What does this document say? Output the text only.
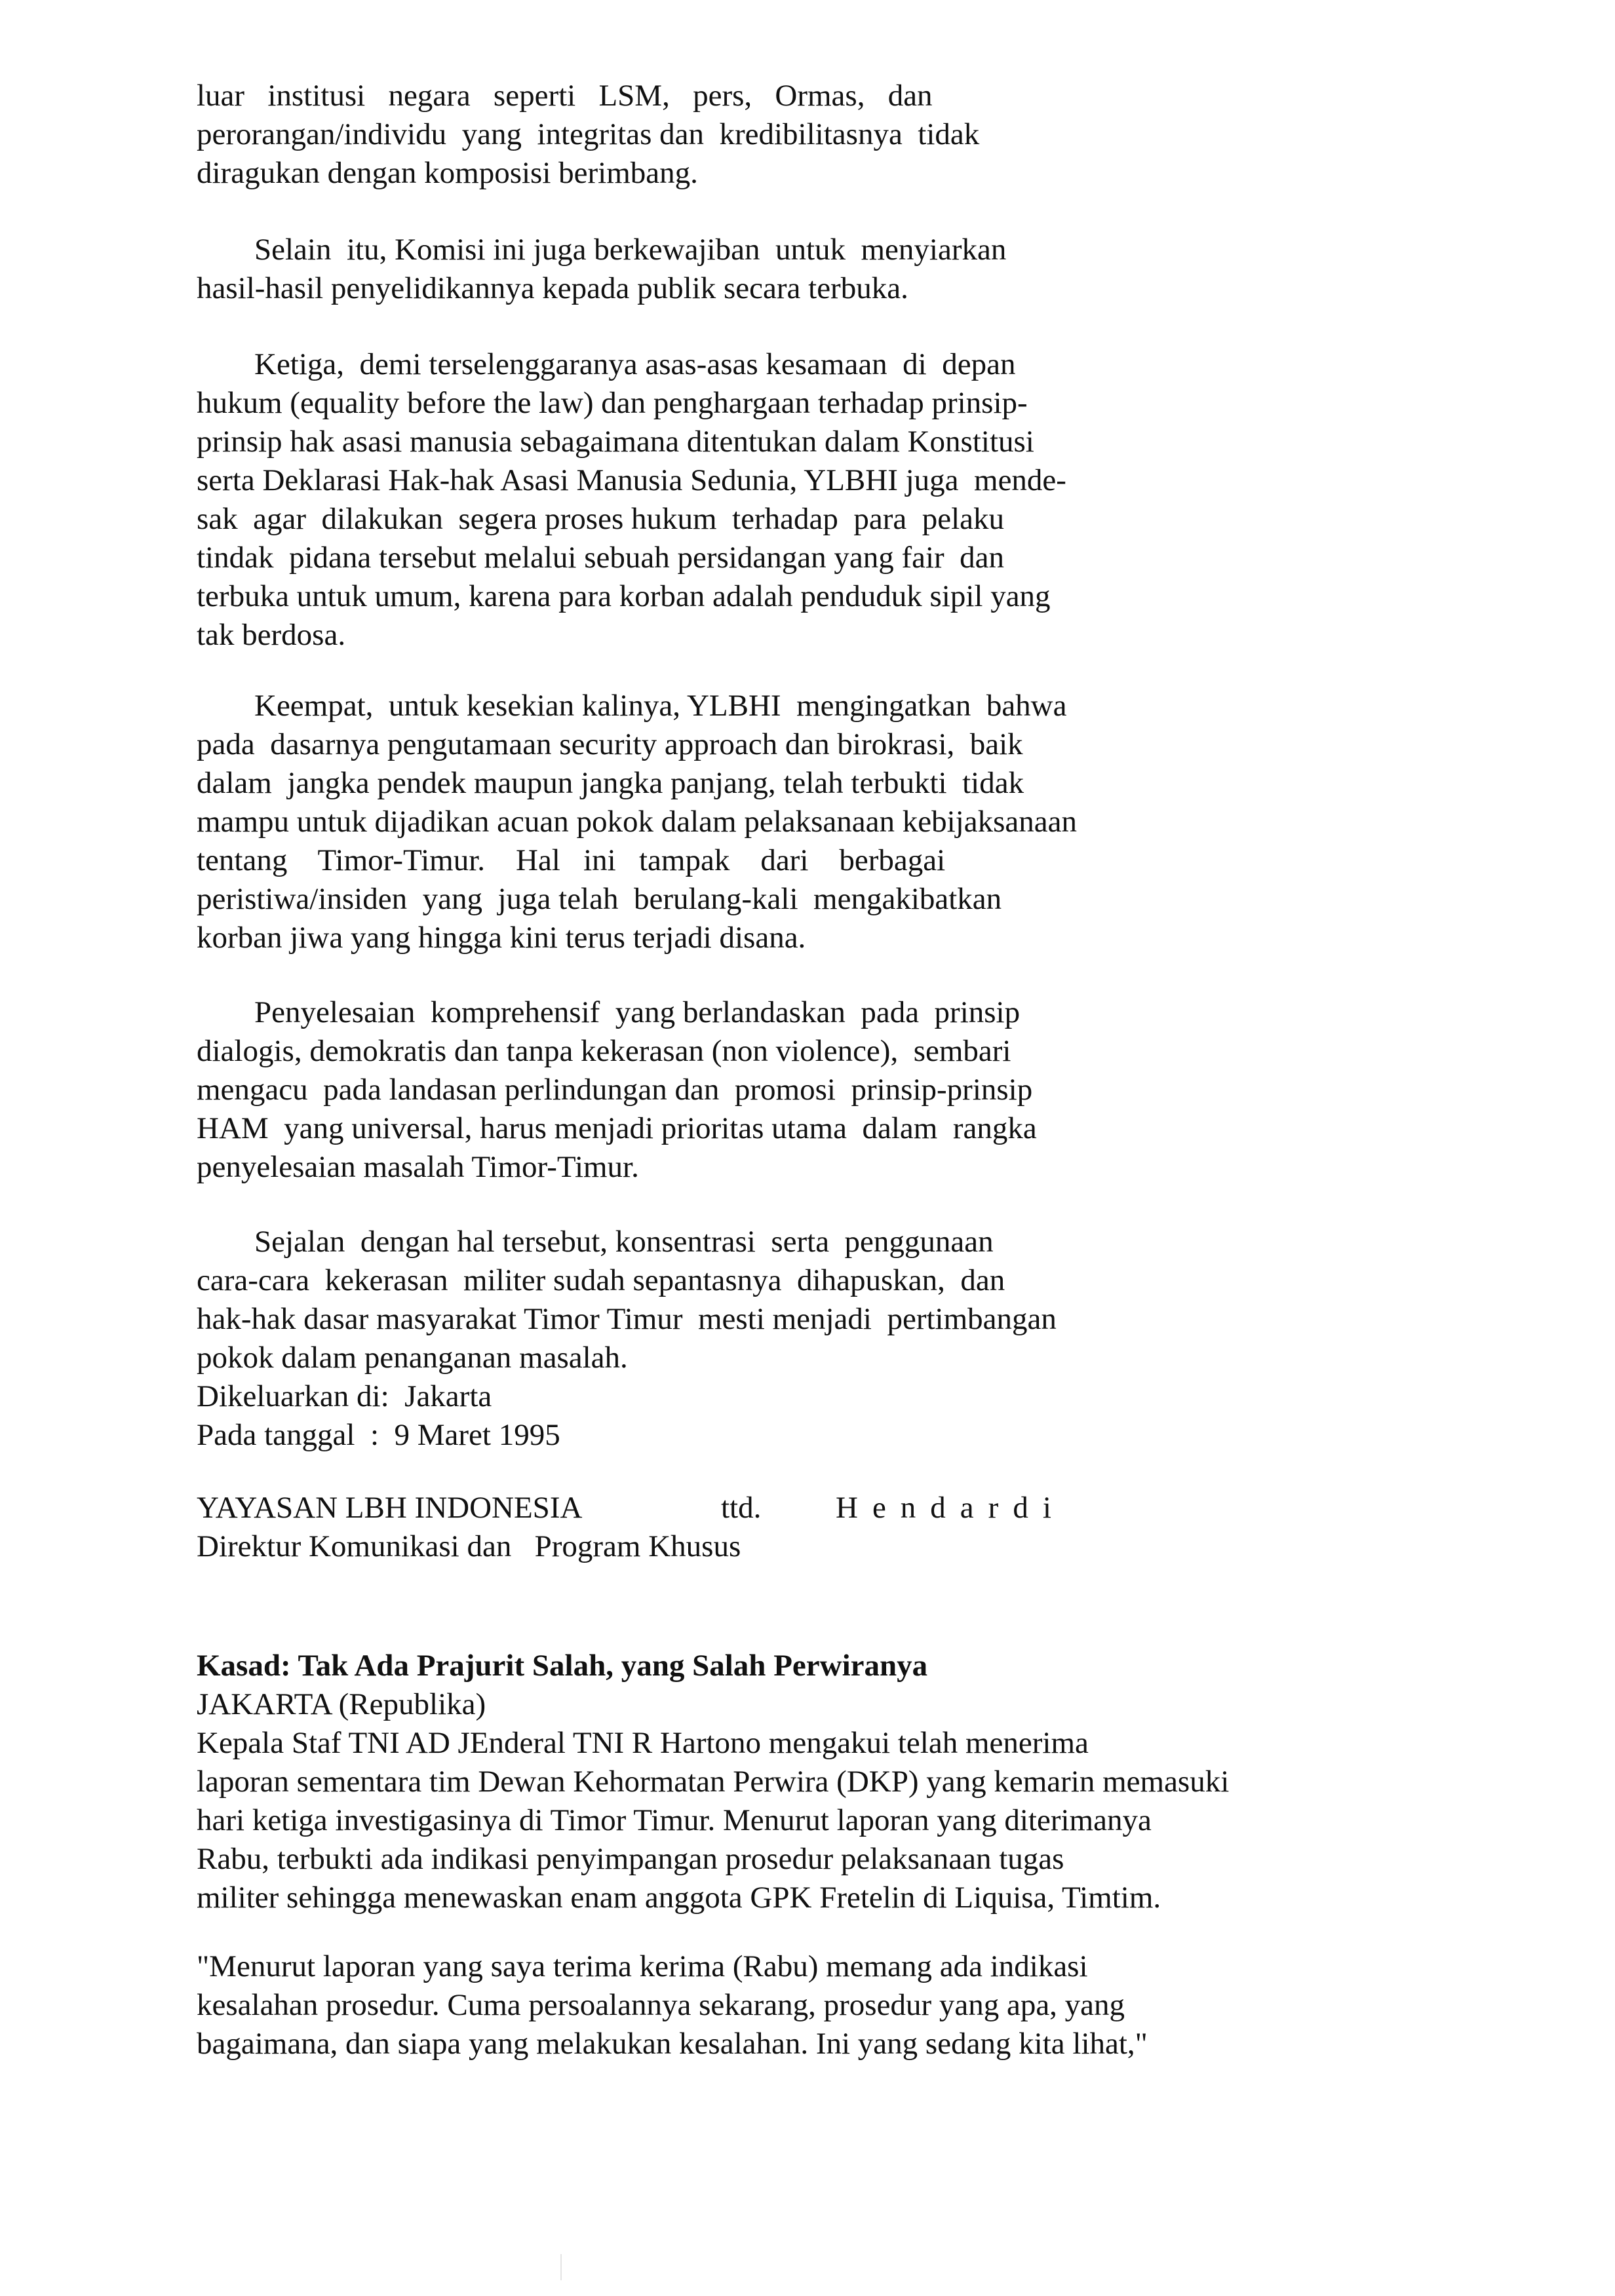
luar   institusi   negara   seperti   LSM,   pers,   Ormas,   dan
perorangan/individu  yang  integritas dan  kredibilitasnya  tidak
diragukan dengan komposisi berimbang.
Selain  itu, Komisi ini juga berkewajiban  untuk  menyiarkan
hasil-hasil penyelidikannya kepada publik secara terbuka.
Ketiga,  demi terselenggaranya asas-asas kesamaan  di  depan
hukum (equality before the law) dan penghargaan terhadap prinsip-
prinsip hak asasi manusia sebagaimana ditentukan dalam Konstitusi
serta Deklarasi Hak-hak Asasi Manusia Sedunia, YLBHI juga  mende-
sak  agar  dilakukan  segera proses hukum  terhadap  para  pelaku
tindak  pidana tersebut melalui sebuah persidangan yang fair  dan
terbuka untuk umum, karena para korban adalah penduduk sipil yang
tak berdosa.
Keempat,  untuk kesekian kalinya, YLBHI  mengingatkan  bahwa
pada  dasarnya pengutamaan security approach dan birokrasi,  baik
dalam  jangka pendek maupun jangka panjang, telah terbukti  tidak
mampu untuk dijadikan acuan pokok dalam pelaksanaan kebijaksanaan
tentang    Timor-Timur.    Hal   ini   tampak    dari    berbagai
peristiwa/insiden  yang  juga telah  berulang-kali  mengakibatkan
korban jiwa yang hingga kini terus terjadi disana.
Penyelesaian  komprehensif  yang berlandaskan  pada  prinsip
dialogis, demokratis dan tanpa kekerasan (non violence),  sembari
mengacu  pada landasan perlindungan dan  promosi  prinsip-prinsip
HAM  yang universal, harus menjadi prioritas utama  dalam  rangka
penyelesaian masalah Timor-Timur.
Sejalan  dengan hal tersebut, konsentrasi  serta  penggunaan
cara-cara  kekerasan  militer sudah sepantasnya  dihapuskan,  dan
hak-hak dasar masyarakat Timor Timur  mesti menjadi  pertimbangan
pokok dalam penanganan masalah.
Dikeluarkan di:  Jakarta
Pada tanggal  :  9 Maret 1995
YAYASAN LBH INDONESIA	ttd. Hendardi
Direktur Komunikasi dan   Program Khusus
Kasad: Tak Ada Prajurit Salah, yang Salah Perwiranya
JAKARTA (Republika)
Kepala Staf TNI AD JEnderal TNI R Hartono mengakui telah menerima
laporan sementara tim Dewan Kehormatan Perwira (DKP) yang kemarin memasuki
hari ketiga investigasinya di Timor Timur. Menurut laporan yang diterimanya
Rabu, terbukti ada indikasi penyimpangan prosedur pelaksanaan tugas
militer sehingga menewaskan enam anggota GPK Fretelin di Liquisa, Timtim.
"Menurut laporan yang saya terima kerima (Rabu) memang ada indikasi
kesalahan prosedur. Cuma persoalannya sekarang, prosedur yang apa, yang
bagaimana, dan siapa yang melakukan kesalahan. Ini yang sedang kita lihat,"
